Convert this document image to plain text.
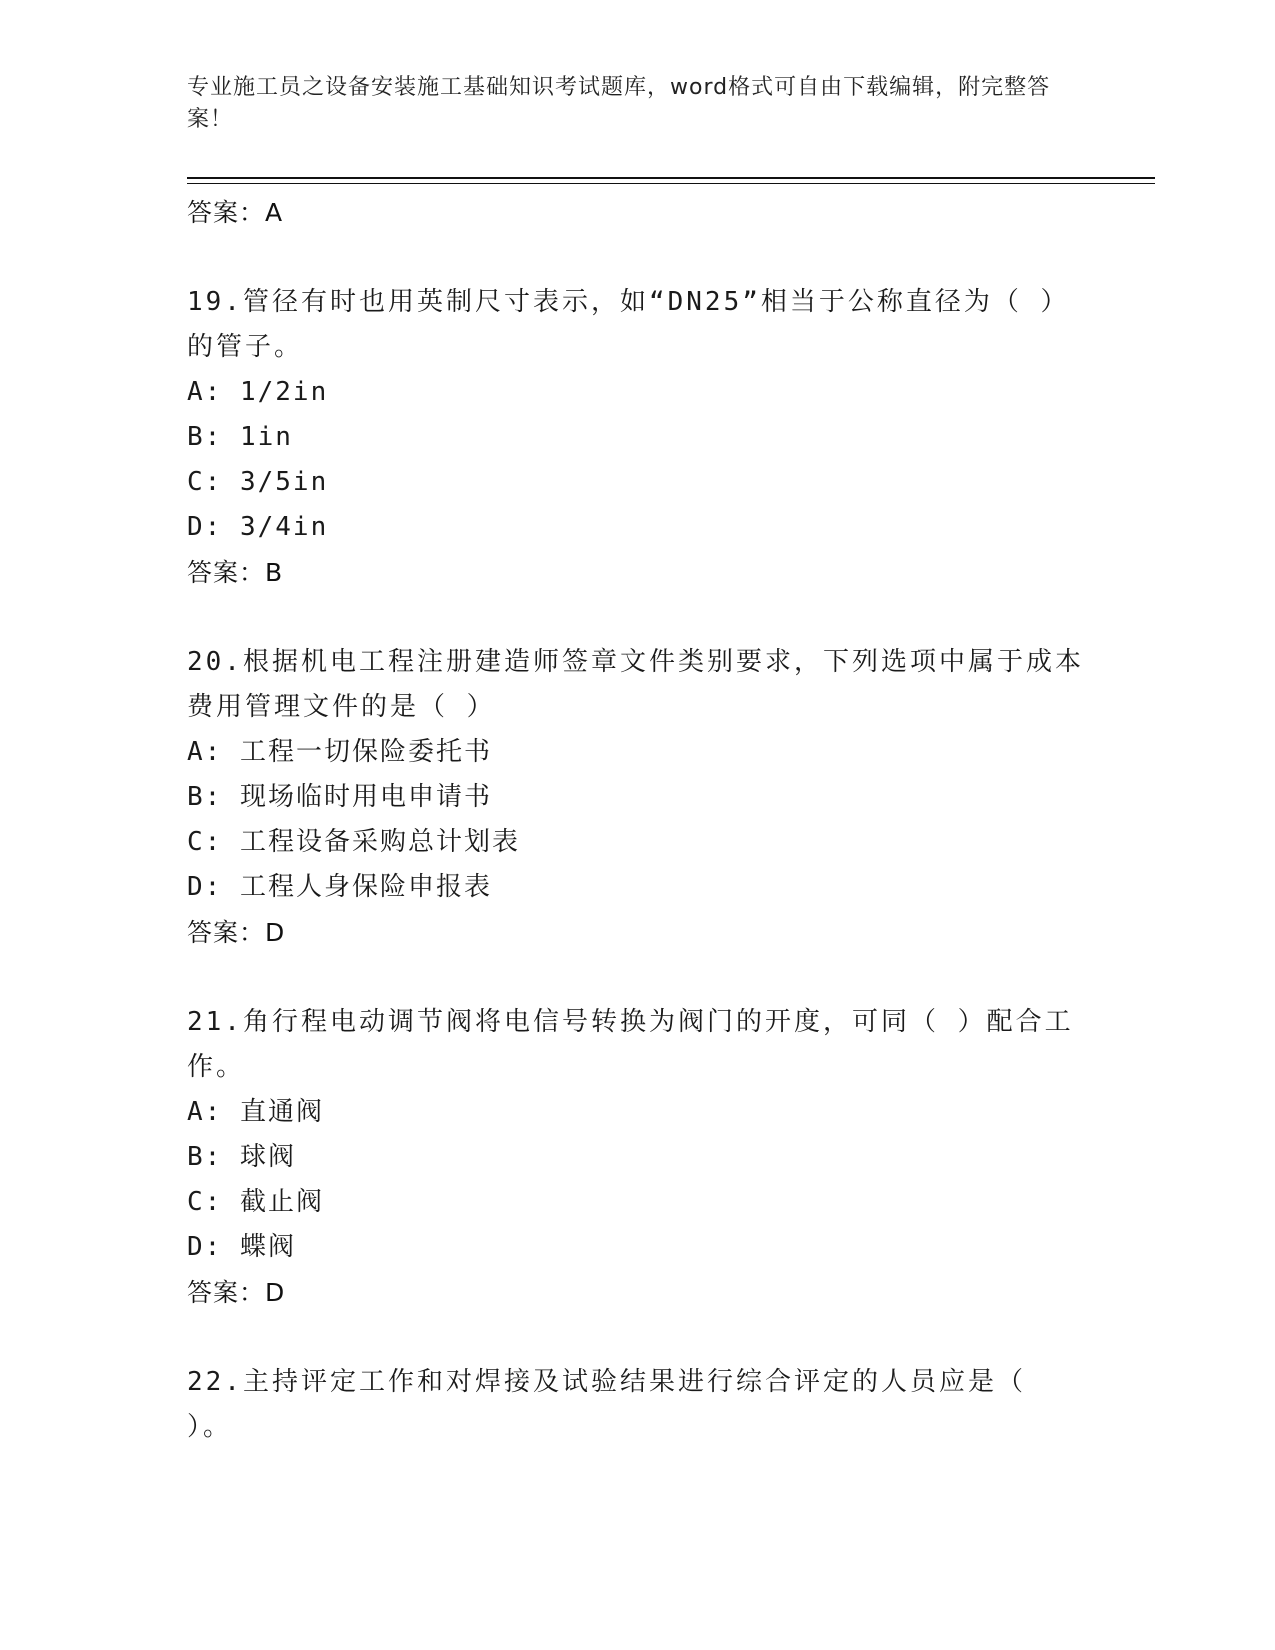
专业施工员之设备安装施工基础知识考试题库，word格式可自由下载编辑，附完整答案！
答案：A
19.管径有时也用英制尺寸表示，如“DN25”相当于公称直径为（ ）的管子。
A: 1/2in
B: 1in
C: 3/5in
D: 3/4in
答案：B
20.根据机电工程注册建造师签章文件类别要求，下列选项中属于成本费用管理文件的是（ ）
A: 工程一切保险委托书
B: 现场临时用电申请书
C: 工程设备采购总计划表
D: 工程人身保险申报表
答案：D
21.角行程电动调节阀将电信号转换为阀门的开度，可同（ ）配合工作。
A: 直通阀
B: 球阀
C: 截止阀
D: 蝶阀
答案：D
22.主持评定工作和对焊接及试验结果进行综合评定的人员应是（ ）。
